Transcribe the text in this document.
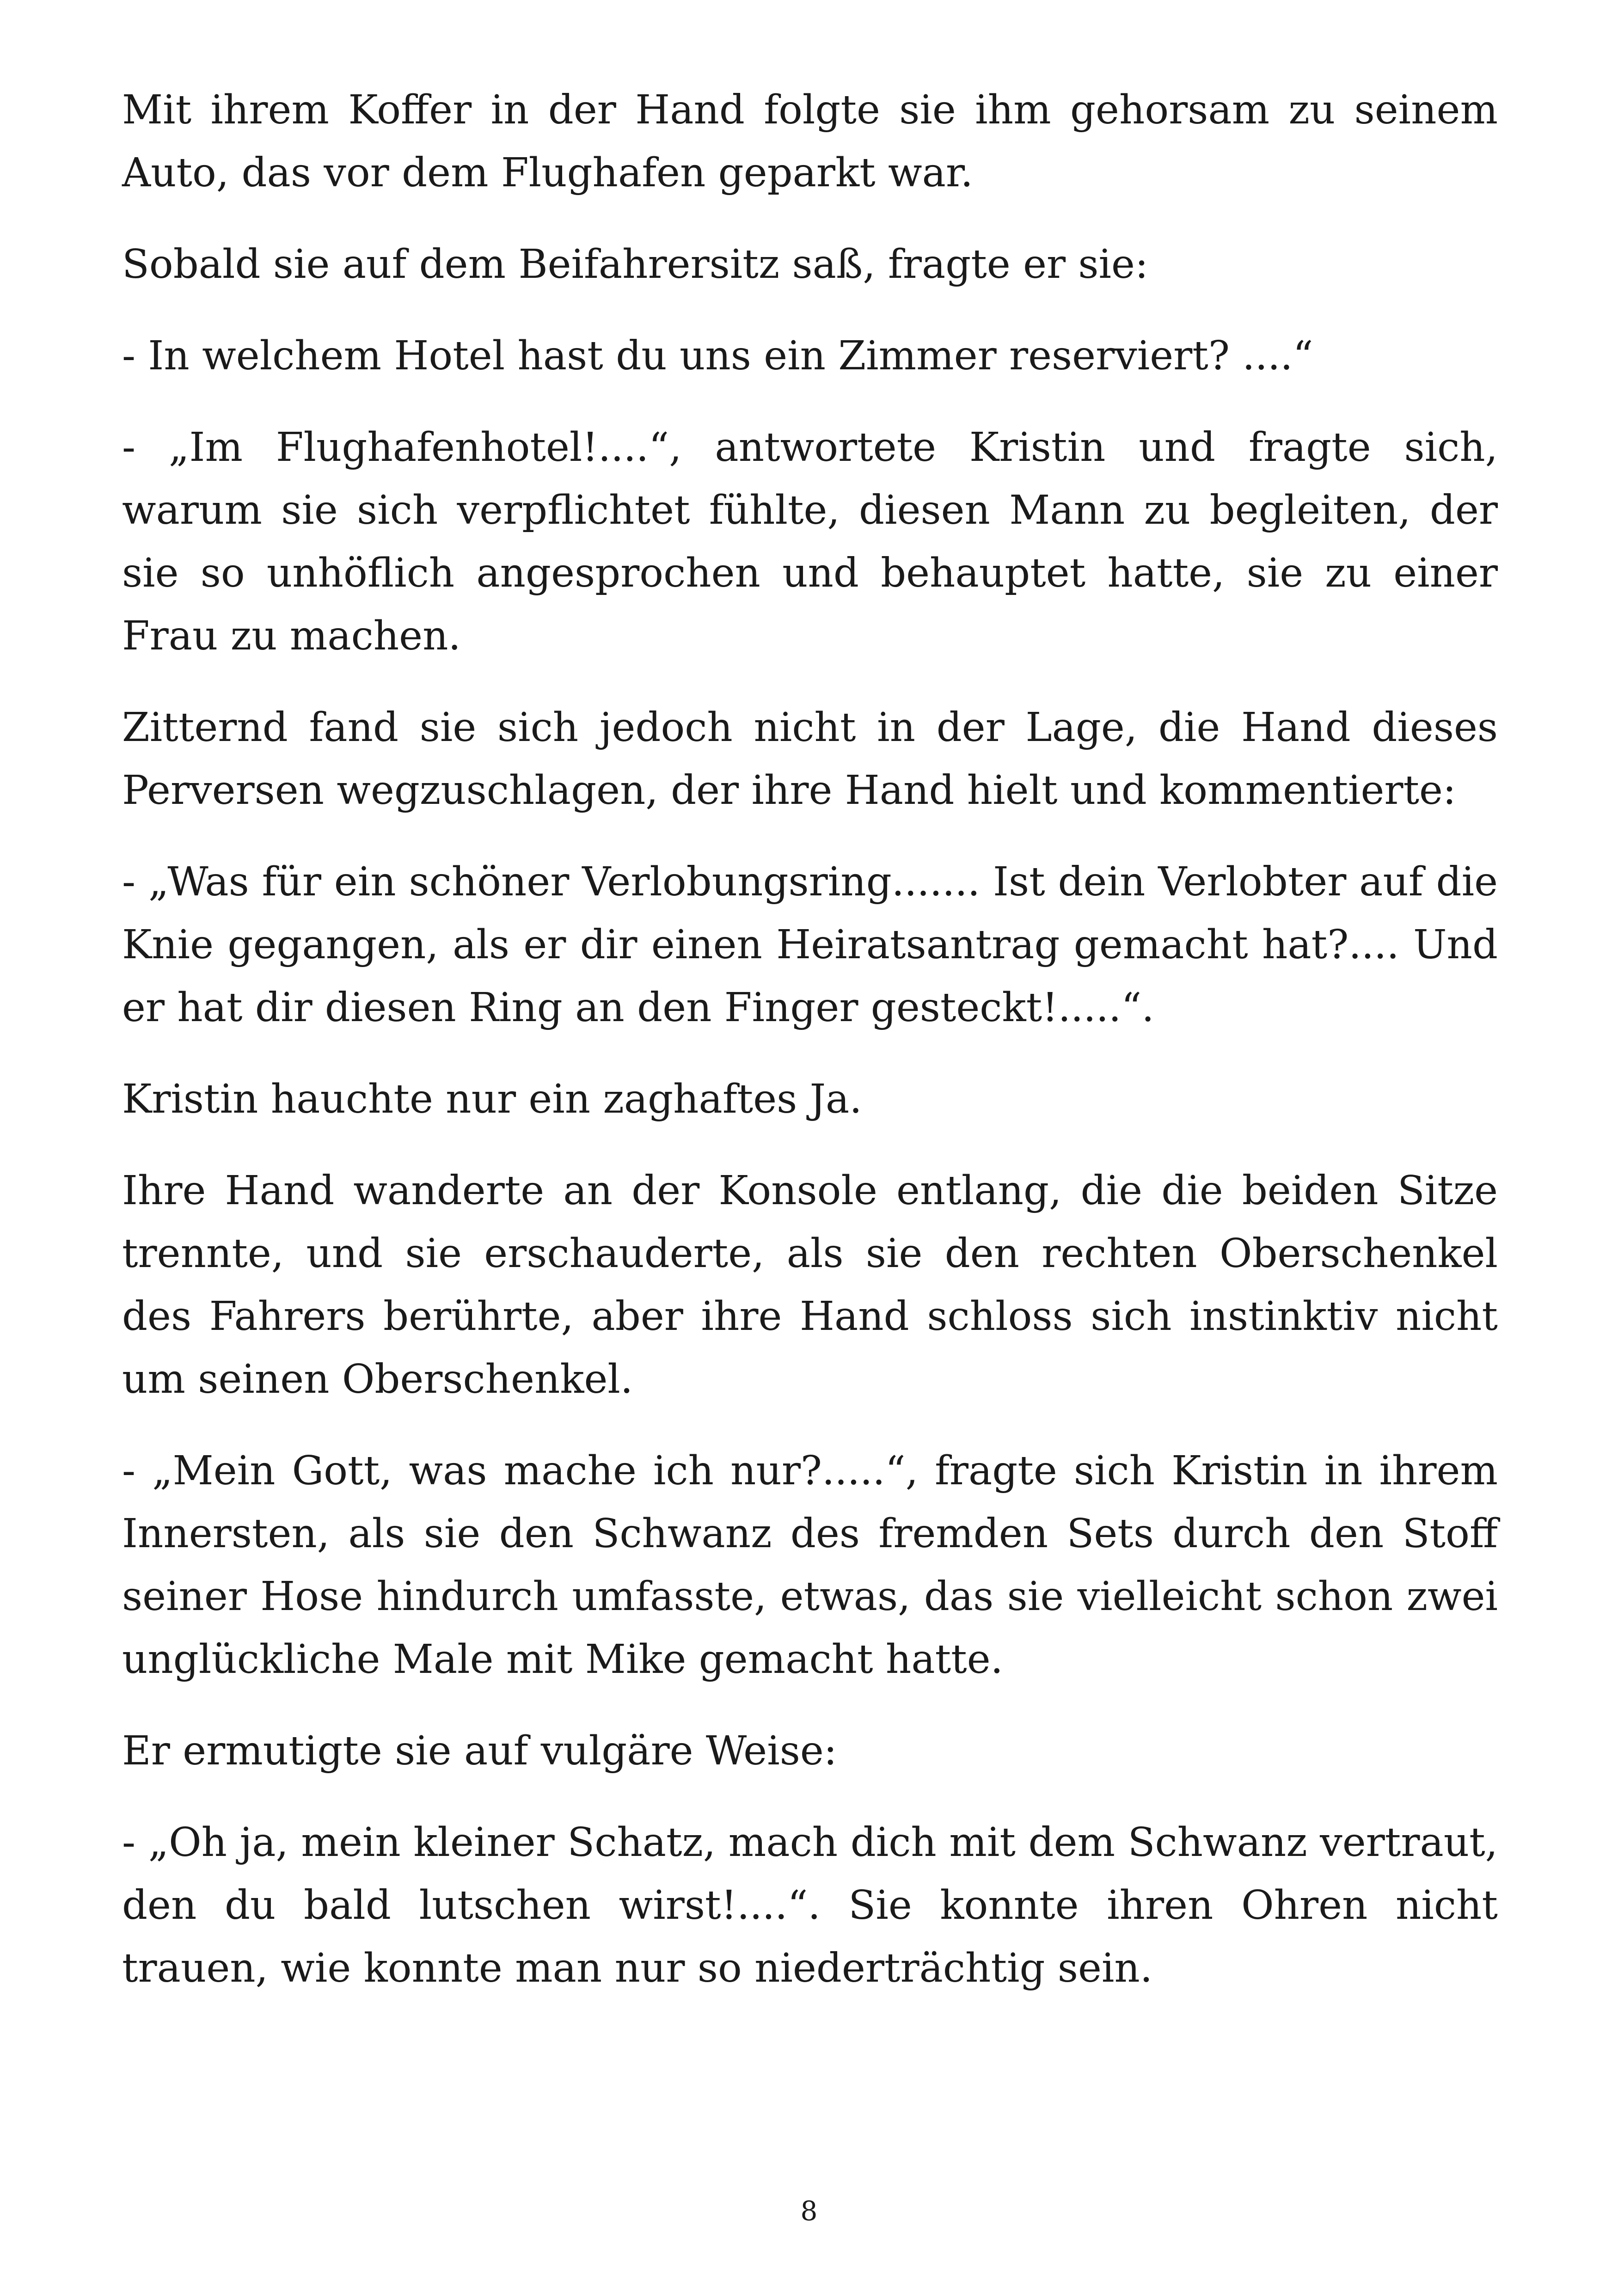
Mit ihrem Koffer in der Hand folgte sie ihm gehorsam zu seinem Auto, das vor dem Flughafen geparkt war.

Sobald sie auf dem Beifahrersitz saß, fragte er sie:

- In welchem Hotel hast du uns ein Zimmer reserviert? ....“

- „Im Flughafenhotel!....“, antwortete Kristin und fragte sich, warum sie sich verpflichtet fühlte, diesen Mann zu begleiten, der sie so unhöflich angesprochen und behauptet hatte, sie zu einer Frau zu machen.

Zitternd fand sie sich jedoch nicht in der Lage, die Hand dieses Perversen wegzuschlagen, der ihre Hand hielt und kommentierte:

- „Was für ein schöner Verlobungsring....... Ist dein Verlobter auf die Knie gegangen, als er dir einen Heiratsantrag gemacht hat?.... Und er hat dir diesen Ring an den Finger gesteckt!.....“.

Kristin hauchte nur ein zaghaftes Ja.

Ihre Hand wanderte an der Konsole entlang, die die beiden Sitze trennte, und sie erschauderte, als sie den rechten Oberschenkel des Fahrers berührte, aber ihre Hand schloss sich instinktiv nicht um seinen Oberschenkel.

- „Mein Gott, was mache ich nur?.....“, fragte sich Kristin in ihrem Innersten, als sie den Schwanz des fremden Sets durch den Stoff seiner Hose hindurch umfasste, etwas, das sie vielleicht schon zwei unglückliche Male mit Mike gemacht hatte.

Er ermutigte sie auf vulgäre Weise:

- „Oh ja, mein kleiner Schatz, mach dich mit dem Schwanz vertraut, den du bald lutschen wirst!....“. Sie konnte ihren Ohren nicht trauen, wie konnte man nur so niederträchtig sein.

8
